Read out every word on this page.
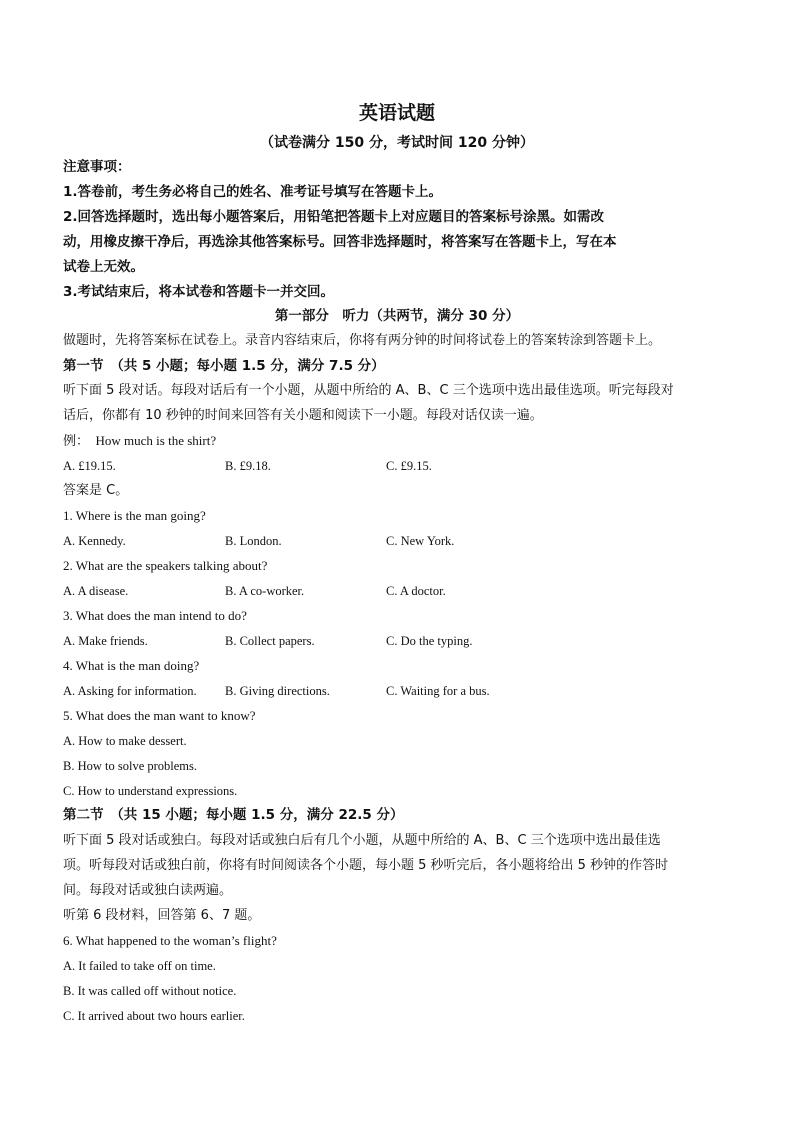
英语试题
（试卷满分 150 分，考试时间 120 分钟）
注意事项：
1.答卷前，考生务必将自己的姓名、准考证号填写在答题卡上。
2.回答选择题时，选出每小题答案后，用铅笔把答题卡上对应题目的答案标号涂黑。如需改
动，用橡皮擦干净后，再选涂其他答案标号。回答非选择题时，将答案写在答题卡上，写在本
试卷上无效。
3.考试结束后，将本试卷和答题卡一并交回。
第一部分　听力（共两节，满分 30 分）
做题时，先将答案标在试卷上。录音内容结束后，你将有两分钟的时间将试卷上的答案转涂到答题卡上。
第一节　（共 5 小题；每小题 1.5 分，满分 7.5 分）
听下面 5 段对话。每段对话后有一个小题，从题中所给的 A、B、C 三个选项中选出最佳选项。听完每段对
话后，你都有 10 秒钟的时间来回答有关小题和阅读下一小题。每段对话仅读一遍。
例：　How much is the shirt?
A. £19.15.	B. £9.18.	C. £9.15.
答案是 C。
1. Where is the man going?
A. Kennedy.	B. London.	C. New York.
2. What are the speakers talking about?
A. A disease.	B. A co-worker.	C. A doctor.
3. What does the man intend to do?
A. Make friends.	B. Collect papers.	C. Do the typing.
4. What is the man doing?
A. Asking for information. B. Giving directions.	C. Waiting for a bus.
5. What does the man want to know?
A. How to make dessert.
B. How to solve problems.
C. How to understand expressions.
第二节　（共 15 小题；每小题 1.5 分，满分 22.5 分）
听下面 5 段对话或独白。每段对话或独白后有几个小题，从题中所给的 A、B、C 三个选项中选出最佳选
项。听每段对话或独白前，你将有时间阅读各个小题，每小题 5 秒听完后，各小题将给出 5 秒钟的作答时
间。每段对话或独白读两遍。
听第 6 段材料，回答第 6、7 题。
6. What happened to the woman’s flight?
A. It failed to take off on time.
B. It was called off without notice.
C. It arrived about two hours earlier.
